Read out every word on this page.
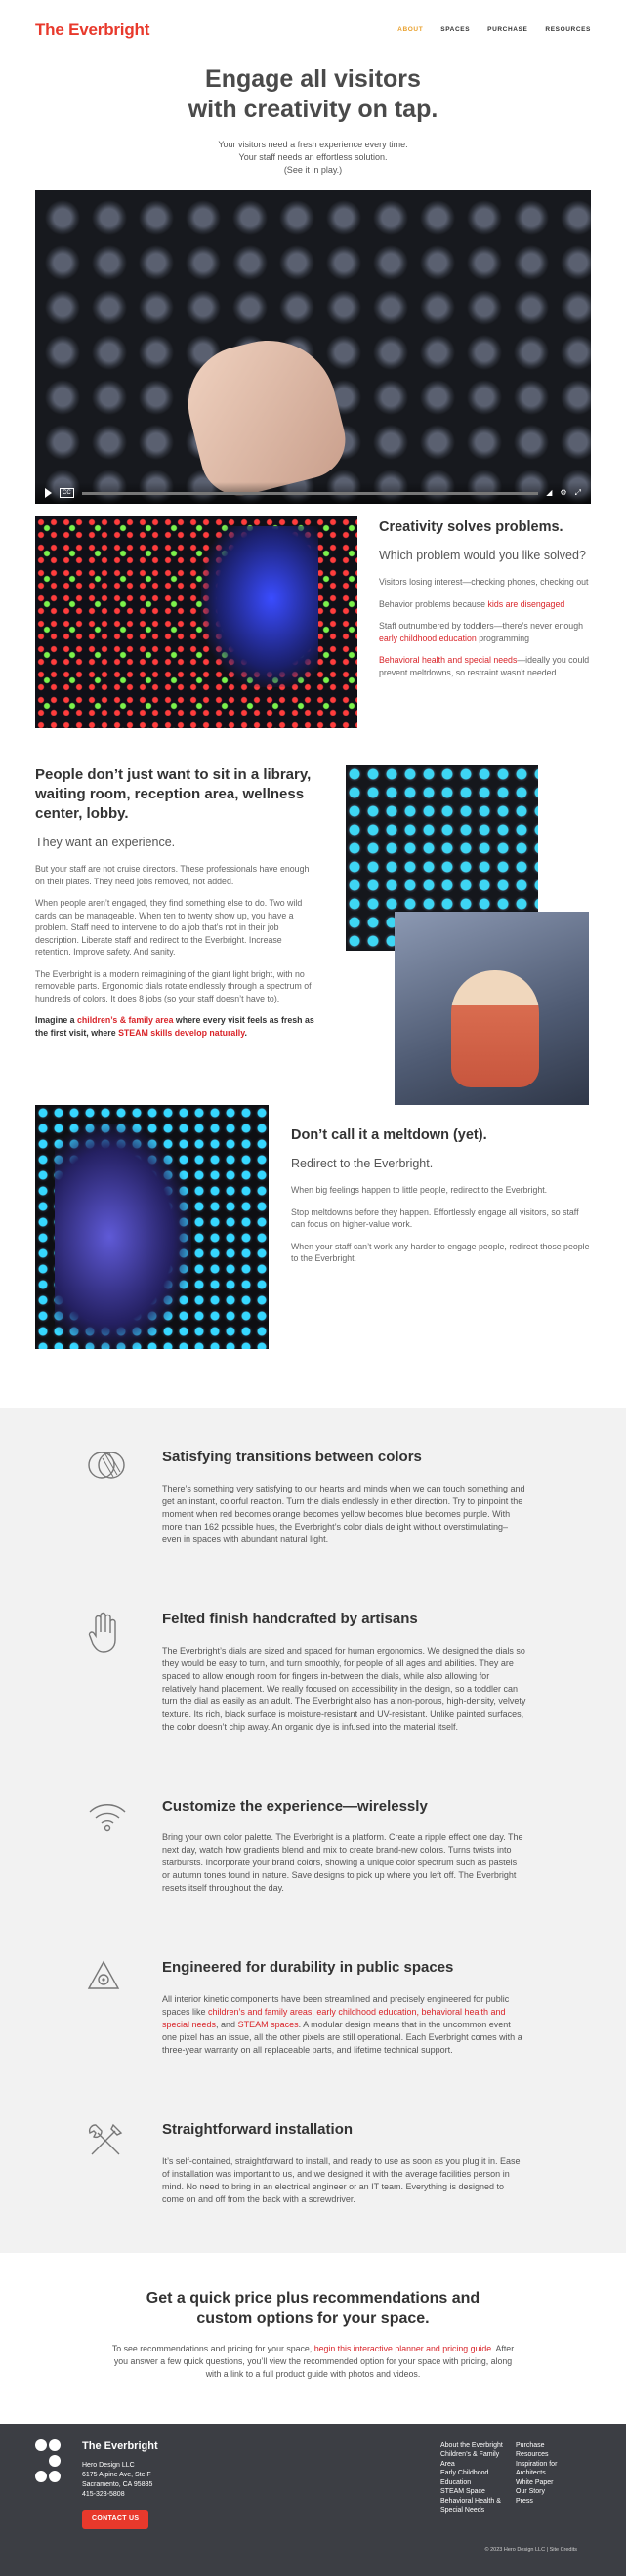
The Everbright	ABOUT	SPACES	PURCHASE	RESOURCES
Engage all visitors
with creativity on tap.
Your visitors need a fresh experience every time.
Your staff needs an effortless solution.
(See it in play.)
CC	◢ ⚙ ⤢
Creativity solves problems.
Which problem would you like solved?

Visitors losing interest—checking phones, checking out

Behavior problems because kids are disengaged

Staff outnumbered by toddlers—there’s never enough early childhood education programming

Behavioral health and special needs—ideally you could prevent meltdowns, so restraint wasn’t needed.

People don’t just want to sit in a library, waiting room, reception area, wellness center, lobby.
They want an experience.

But your staff are not cruise directors. These professionals have enough on their plates. They need jobs removed, not added.

When people aren’t engaged, they find something else to do. Two wild cards can be manageable. When ten to twenty show up, you have a problem. Staff need to intervene to do a job that’s not in their job description. Liberate staff and redirect to the Everbright. Increase retention. Improve safety. And sanity.

The Everbright is a modern reimagining of the giant light bright, with no removable parts. Ergonomic dials rotate endlessly through a spectrum of hundreds of colors. It does 8 jobs (so your staff doesn’t have to).

Imagine a children’s & family area where every visit feels as fresh as the first visit, where STEAM skills develop naturally.

Don’t call it a meltdown (yet).
Redirect to the Everbright.

When big feelings happen to little people, redirect to the Everbright.

Stop meltdowns before they happen. Effortlessly engage all visitors, so staff can focus on higher-value work.

When your staff can’t work any harder to engage people, redirect those people to the Everbright.

Satisfying transitions between colors

There’s something very satisfying to our hearts and minds when we can touch something and get an instant, colorful reaction. Turn the dials endlessly in either direction. Try to pinpoint the moment when red becomes orange becomes yellow becomes blue becomes purple. With more than 162 possible hues, the Everbright’s color dials delight without overstimulating–even in spaces with abundant natural light.

Felted finish handcrafted by artisans

The Everbright’s dials are sized and spaced for human ergonomics. We designed the dials so they would be easy to turn, and turn smoothly, for people of all ages and abilities. They are spaced to allow enough room for fingers in-between the dials, while also allowing for relatively hand placement. We really focused on accessibility in the design, so a toddler can turn the dial as easily as an adult. The Everbright also has a non-porous, high-density, velvety texture. Its rich, black surface is moisture-resistant and UV-resistant. Unlike painted surfaces, the color doesn’t chip away. An organic dye is infused into the material itself.

Customize the experience—wirelessly

Bring your own color palette. The Everbright is a platform. Create a ripple effect one day. The next day, watch how gradients blend and mix to create brand-new colors. Turns twists into starbursts. Incorporate your brand colors, showing a unique color spectrum such as pastels or autumn tones found in nature. Save designs to pick up where you left off. The Everbright resets itself throughout the day.

Engineered for durability in public spaces

All interior kinetic components have been streamlined and precisely engineered for public spaces like children’s and family areas, early childhood education, behavioral health and special needs, and STEAM spaces. A modular design means that in the uncommon event one pixel has an issue, all the other pixels are still operational. Each Everbright comes with a three-year warranty on all replaceable parts, and lifetime technical support.

Straightforward installation

It’s self-contained, straightforward to install, and ready to use as soon as you plug it in. Ease of installation was important to us, and we designed it with the average facilities person in mind. No need to bring in an electrical engineer or an IT team. Everything is designed to come on and off from the back with a screwdriver.

Get a quick price plus recommendations and
custom options for your space.

To see recommendations and pricing for your space, begin this interactive planner and pricing guide. After you answer a few quick questions, you’ll view the recommended option for your space with pricing, along with a link to a full product guide with photos and videos.

The Everbright
Hero Design LLC
6175 Alpine Ave, Ste F
Sacramento, CA 95835
415-323-5808
CONTACT US
About the Everbright
Children’s & Family Area
Early Childhood Education
STEAM Space
Behavioral Health & Special Needs
Purchase
Resources
Inspiration for Architects
White Paper
Our Story
Press
© 2023 Hero Design LLC | Site Credits
